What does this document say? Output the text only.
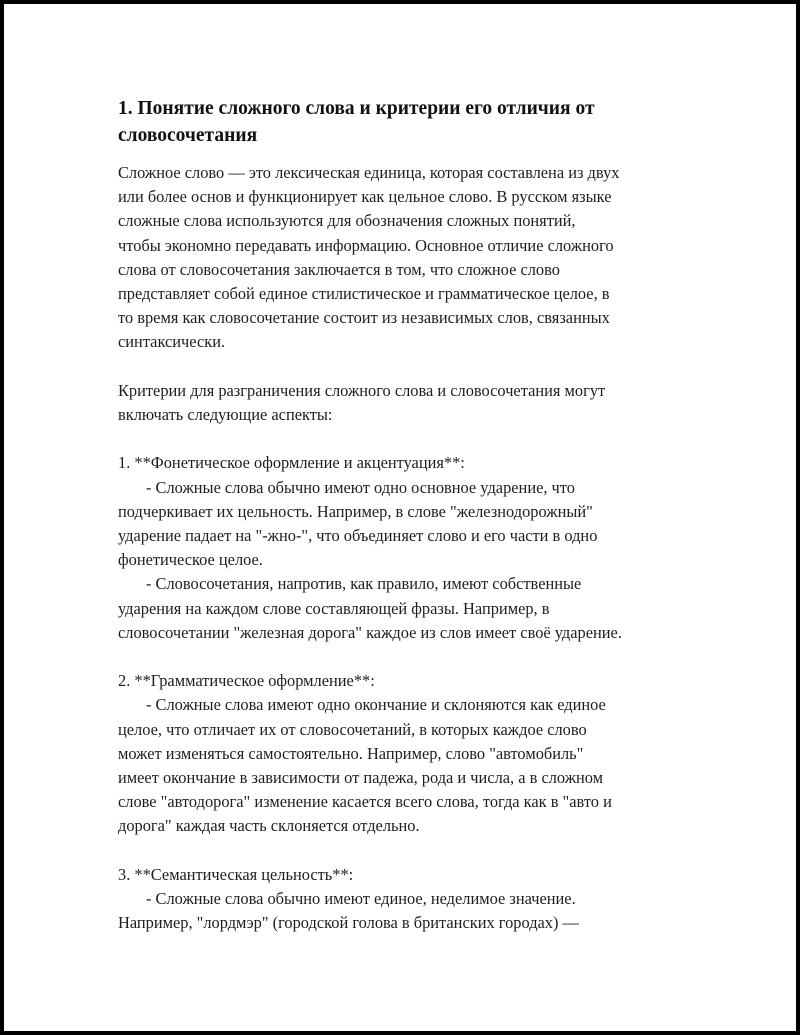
1. Понятие сложного слова и критерии его отличия от словосочетания
Сложное слово — это лексическая единица, которая составлена из двух
или более основ и функционирует как цельное слово. В русском языке
сложные слова используются для обозначения сложных понятий,
чтобы экономно передавать информацию. Основное отличие сложного
слова от словосочетания заключается в том, что сложное слово
представляет собой единое стилистическое и грамматическое целое, в
то время как словосочетание состоит из независимых слов, связанных
синтаксически.
Критерии для разграничения сложного слова и словосочетания могут
включать следующие аспекты:
1. **Фонетическое оформление и акцентуация**:
- Сложные слова обычно имеют одно основное ударение, что
подчеркивает их цельность. Например, в слове "железнодорожный"
ударение падает на "-жно-", что объединяет слово и его части в одно
фонетическое целое.
- Словосочетания, напротив, как правило, имеют собственные
ударения на каждом слове составляющей фразы. Например, в
словосочетании "железная дорога" каждое из слов имеет своё ударение.
2. **Грамматическое оформление**:
- Сложные слова имеют одно окончание и склоняются как единое
целое, что отличает их от словосочетаний, в которых каждое слово
может изменяться самостоятельно. Например, слово "автомобиль"
имеет окончание в зависимости от падежа, рода и числа, а в сложном
слове "автодорога" изменение касается всего слова, тогда как в "авто и
дорога" каждая часть склоняется отдельно.
3. **Семантическая цельность**:
- Сложные слова обычно имеют единое, неделимое значение.
Например, "лордмэр" (городской голова в британских городах) —
